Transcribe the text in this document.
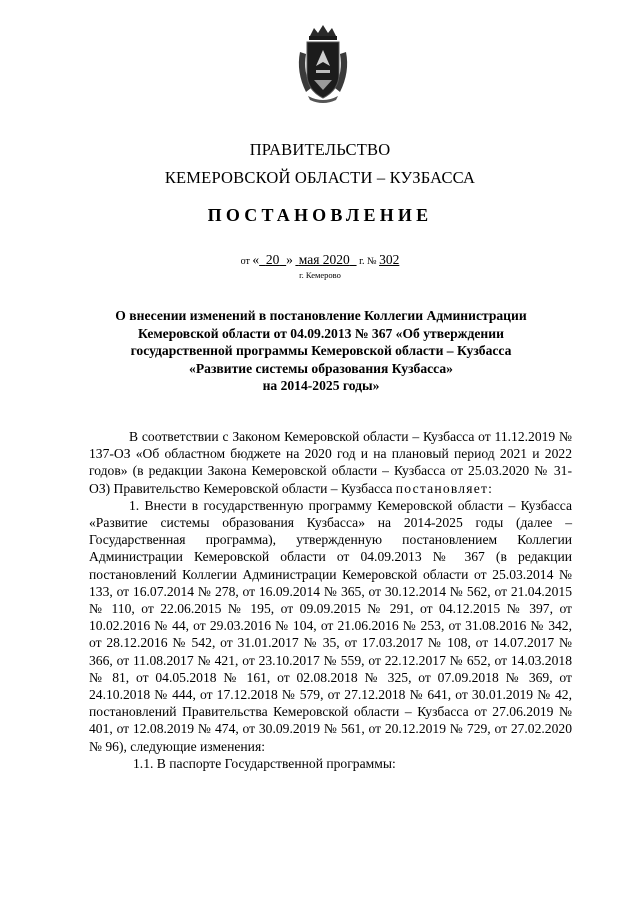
ПРАВИТЕЛЬСТВО
КЕМЕРОВСКОЙ ОБЛАСТИ – КУЗБАССА
ПОСТАНОВЛЕНИЕ
от « 20 » мая 2020 г. № 302
г. Кемерово
О внесении изменений в постановление Коллегии Администрации
Кемеровской области от 04.09.2013 № 367 «Об утверждении
государственной программы Кемеровской области – Кузбасса
«Развитие системы образования Кузбасса»
на 2014-2025 годы»

В соответствии с Законом Кемеровской области – Кузбасса от 11.12.2019 № 137-ОЗ «Об областном бюджете на 2020 год и на плановый период 2021 и 2022 годов» (в редакции Закона Кемеровской области – Кузбасса от 25.03.2020 № 31-ОЗ) Правительство Кемеровской области – Кузбасса постановляет:

1. Внести в государственную программу Кемеровской области – Кузбасса «Развитие системы образования Кузбасса» на 2014-2025 годы (далее – Государственная программа), утвержденную постановлением Коллегии Администрации Кемеровской области от 04.09.2013 № 367 (в редакции постановлений Коллегии Администрации Кемеровской области от 25.03.2014 № 133, от 16.07.2014 № 278, от 16.09.2014 № 365, от 30.12.2014 № 562, от 21.04.2015 № 110, от 22.06.2015 № 195, от 09.09.2015 № 291, от 04.12.2015 № 397, от 10.02.2016 № 44, от 29.03.2016 № 104, от 21.06.2016 № 253, от 31.08.2016 № 342, от 28.12.2016 № 542, от 31.01.2017 № 35, от 17.03.2017 № 108, от 14.07.2017 № 366, от 11.08.2017 № 421, от 23.10.2017 № 559, от 22.12.2017 № 652, от 14.03.2018 № 81, от 04.05.2018 № 161, от 02.08.2018 № 325, от 07.09.2018 № 369, от 24.10.2018 № 444, от 17.12.2018 № 579, от 27.12.2018 № 641, от 30.01.2019 № 42, постановлений Правительства Кемеровской области – Кузбасса от 27.06.2019 № 401, от 12.08.2019 № 474, от 30.09.2019 № 561, от 20.12.2019 № 729, от 27.02.2020 № 96), следующие изменения:

1.1. В паспорте Государственной программы:
